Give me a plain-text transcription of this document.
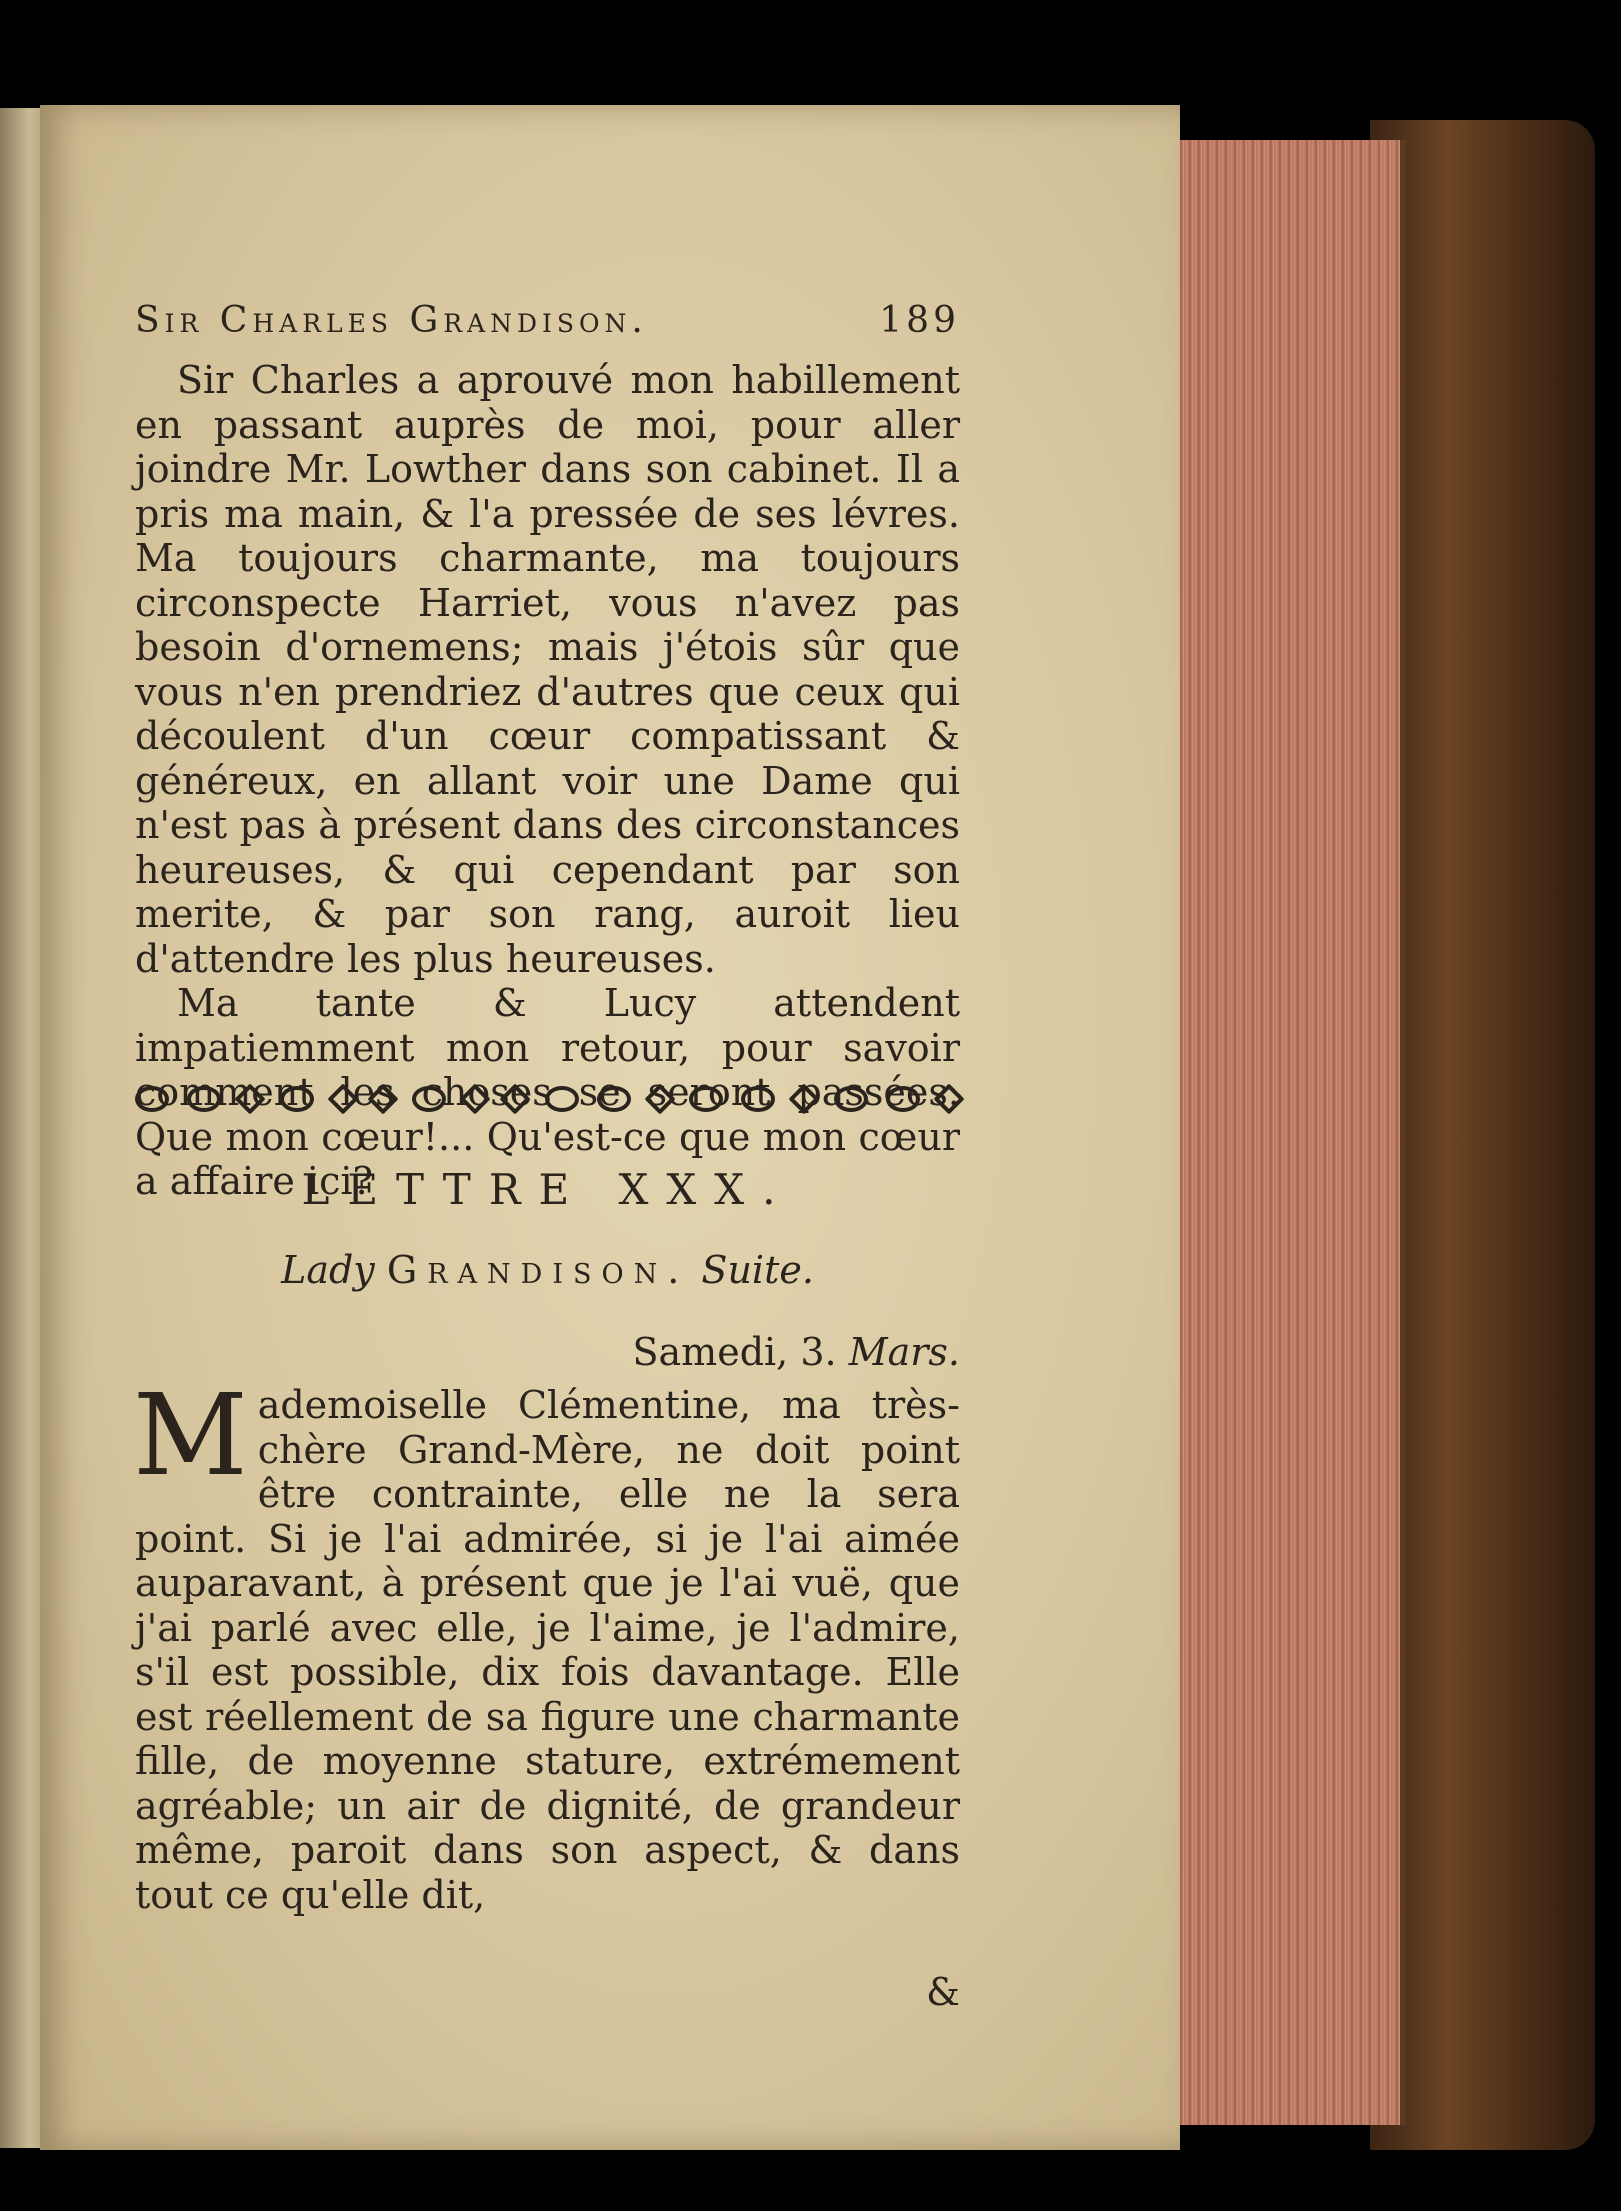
Sir Charles Grandison.	189

Sir Charles a aprouvé mon habillement en passant auprès de moi, pour aller joindre Mr. Lowther dans son cabinet. Il a pris ma main, & l'a pressée de ses lévres. Ma toujours charmante, ma toujours circonspecte Harriet, vous n'avez pas besoin d'ornemens; mais j'étois sûr que vous n'en prendriez d'autres que ceux qui découlent d'un cœur compatissant & généreux, en allant voir une Dame qui n'est pas à présent dans des circonstances heureuses, & qui cependant par son merite, & par son rang, auroit lieu d'attendre les plus heureuses.

Ma tante & Lucy attendent impatiemment mon retour, pour savoir comment les choses se seront passées. Que mon cœur!... Qu'est-ce que mon cœur a affaire ici?

LETTRE XXX.
Lady Grandison. Suite.
Samedi, 3. Mars.
M ademoiselle Clémentine, ma très-chère Grand-Mère, ne doit point être contrainte, elle ne la sera point. Si je l'ai admirée, si je l'ai aimée auparavant, à présent que je l'ai vuë, que j'ai parlé avec elle, je l'aime, je l'admire, s'il est possible, dix fois davantage. Elle est réellement de sa figure une charmante fille, de moyenne stature, extrémement agréable; un air de dignité, de grandeur même, paroit dans son aspect, & dans tout ce qu'elle dit,
&
